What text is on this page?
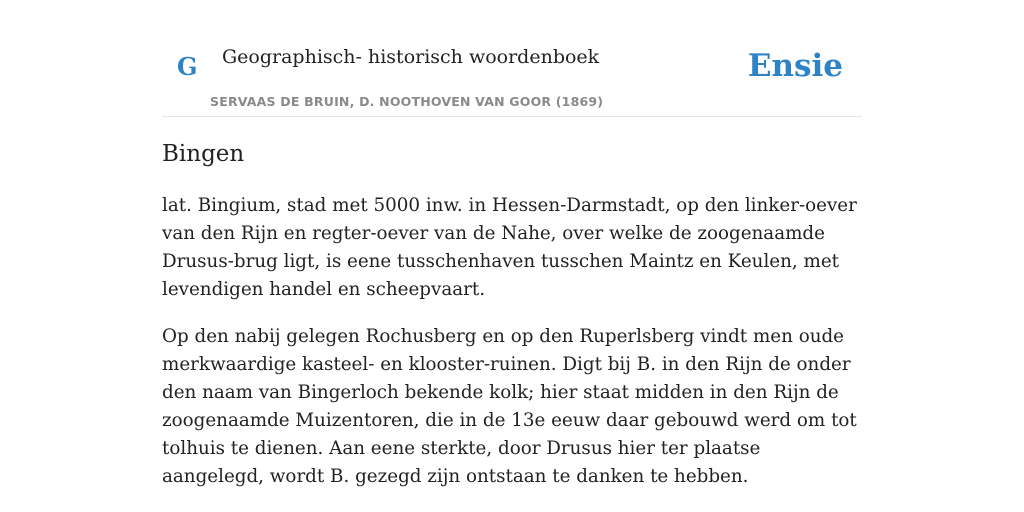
G Geographisch- historisch woordenboek
SERVAAS DE BRUIN, D. NOOTHOVEN VAN GOOR (1869)
Ensie
Bingen

lat. Bingium, stad met 5000 inw. in Hessen-Darmstadt, op den linker-oever van den Rijn en regter-oever van de Nahe, over welke de zoogenaamde Drusus-brug ligt, is eene tusschenhaven tusschen Maintz en Keulen, met levendigen handel en scheepvaart.

Op den nabij gelegen Rochusberg en op den Ruperlsberg vindt men oude merkwaardige kasteel- en klooster-ruinen. Digt bij B. in den Rijn de onder den naam van Bingerloch bekende kolk; hier staat midden in den Rijn de zoogenaamde Muizentoren, die in de 13e eeuw daar gebouwd werd om tot tolhuis te dienen. Aan eene sterkte, door Drusus hier ter plaatse aangelegd, wordt B. gezegd zijn ontstaan te danken te hebben.
